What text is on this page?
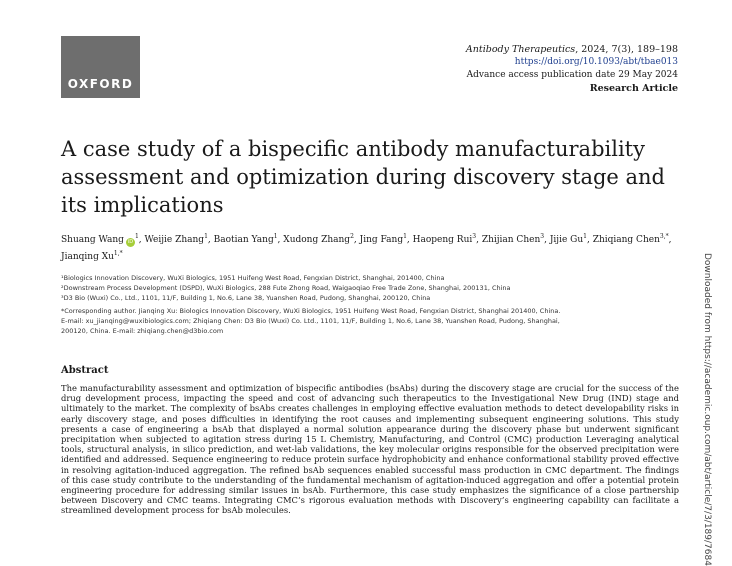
OXFORD
Antibody Therapeutics, 2024, 7(3), 189–198
https://doi.org/10.1093/abt/tbae013
Advance access publication date 29 May 2024
Research Article
A case study of a bispecific antibody manufacturability assessment and optimization during discovery stage and its implications
Shuang Wang $iD^1$, Weijie Zhang$^1$, Baotian Yang$^1$, Xudong Zhang$^2$, Jing Fang$^1$, Haopeng Rui$^3$, Zhijian Chen$^3$, Jijie Gu$^1$, Zhiqiang Chen$^{3,*}$, Jianqing $Xu^{1,*}$

¹Biologics Innovation Discovery, WuXi Biologics, 1951 Huifeng West Road, Fengxian District, Shanghai, 201400, China

²Downstream Process Development (DSPD), WuXi Biologics, 288 Fute Zhong Road, Waigaoqiao Free Trade Zone, Shanghai, 200131, China

³D3 Bio (Wuxi) Co., Ltd., 1101, 11/F, Building 1, No.6, Lane 38, Yuanshen Road, Pudong, Shanghai, 200120, China

*Corresponding author. Jianqing Xu: Biologics Innovation Discovery, WuXi Biologics, 1951 Huifeng West Road, Fengxian District, Shanghai 201400, China.

E-mail: xu_jianqing@wuxibiologics.com; Zhiqiang Chen: D3 Bio (Wuxi) Co. Ltd., 1101, 11/F, Building 1, No.6, Lane 38, Yuanshen Road, Pudong, Shanghai,

200120, China. E-mail: zhiqiang.chen@d3bio.com

Abstract

The manufacturability assessment and optimization of bispecific antibodies (bsAbs) during the discovery stage are crucial for the success of the drug development process, impacting the speed and cost of advancing such therapeutics to the Investigational New Drug (IND) stage and ultimately to the market. The complexity of bsAbs creates challenges in employing effective evaluation methods to detect developability risks in early discovery stage, and poses difficulties in identifying the root causes and implementing subsequent engineering solutions. This study presents a case of engineering a bsAb that displayed a normal solution appearance during the discovery phase but underwent significant precipitation when subjected to agitation stress during 15 L Chemistry, Manufacturing, and Control (CMC) production Leveraging analytical tools, structural analysis, in silico prediction, and wet-lab validations, the key molecular origins responsible for the observed precipitation were identified and addressed. Sequence engineering to reduce protein surface hydrophobicity and enhance conformational stability proved effective in resolving agitation-induced aggregation. The refined bsAb sequences enabled successful mass production in CMC department. The findings of this case study contribute to the understanding of the fundamental mechanism of agitation-induced aggregation and offer a potential protein engineering procedure for addressing similar issues in bsAb. Furthermore, this case study emphasizes the significance of a close partnership between Discovery and CMC teams. Integrating CMC’s rigorous evaluation methods with Discovery’s engineering capability can facilitate a streamlined development process for bsAb molecules.	Downloaded from https://academic.oup.com/abt/article/7/3/189/7684
